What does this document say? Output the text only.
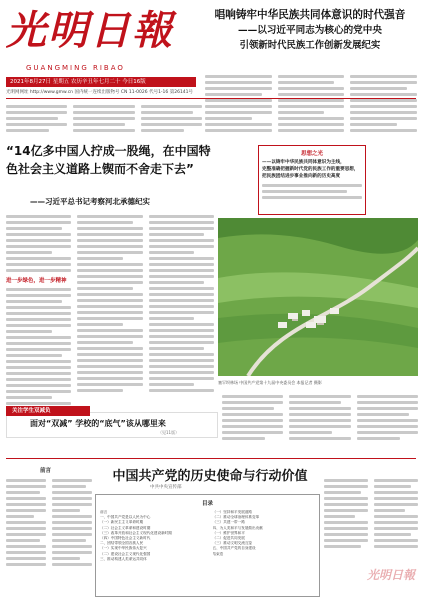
光明日報
GUANGMING RIBAO
2021年8月27日 星期五 农历辛丑年七月二十 今日16版
光明网网址 http://www.gmw.cn 国内统一连续出版物号 CN 11-0026 代号1-16 第26141号
唱响铸牢中华民族共同体意识的时代强音
——以习近平同志为核心的党中央
引领新时代民族工作创新发展纪实
思想之光
——以铸牢中华民族共同体意识为主线，
完整准确把握新时代党的民族工作的重要思想，
把民族团结进步事业推向新的历史高度
“14亿多中国人拧成一股绳，在中国特色社会主义道路上锲而不舍走下去”
——习近平总书记考察河北承德纪实
进一步绿色，进一步精神
塞罕坝林场 中国共产党第十九届中央委员会 本报记者 摄影
关注学生双减负
面对“双减” 学校的“底气”该从哪里来
（见11版）
前言	中国共产党的历史使命与行动价值
中共中央宣传部
目录
前言
一、中国共产党是以人民为中心
（一）新民主主义革命时期
（二）社会主义革命和建设时期
（三）改革开放和社会主义现代化建设新时期
（四）中国特色社会主义新时代
二、团结带领全国各族人民
（一）实现中华民族伟大复兴
（二）建设社会主义现代化强国
三、推动构建人类命运共同体
（一）坚持和平发展道路
（二）推动全球治理体系变革
（三）共建一带一路
四、为人类和平与发展做出贡献
（一）维护世界和平
（二）促进共同发展
（三）推动文明交流互鉴
五、中国共产党的自身建设
结束语
光明日報
